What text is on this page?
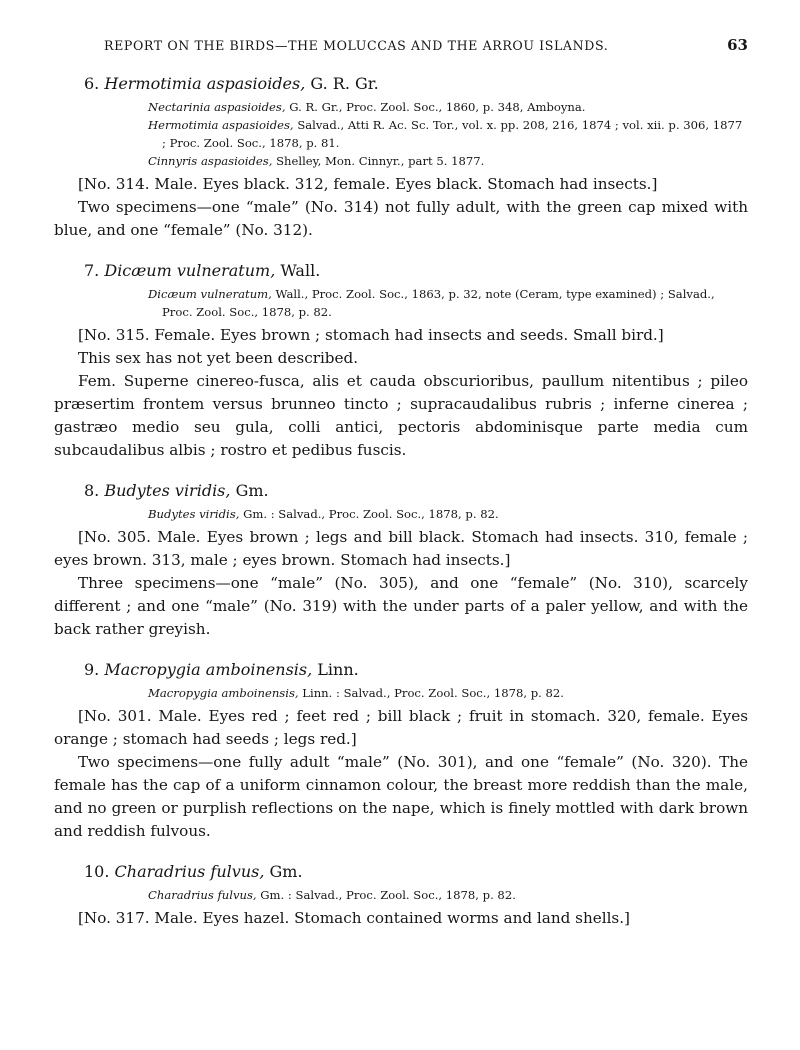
REPORT ON THE BIRDS—THE MOLUCCAS AND THE ARROU ISLANDS.	63
6. Hermotimia aspasioides, G. R. Gr.
Nectarinia aspasioides, G. R. Gr., Proc. Zool. Soc., 1860, p. 348, Amboyna.
Hermotimia aspasioides, Salvad., Atti R. Ac. Sc. Tor., vol. x. pp. 208, 216, 1874 ; vol. xii. p. 306, 1877 ; Proc. Zool. Soc., 1878, p. 81.
Cinnyris aspasioides, Shelley, Mon. Cinnyr., part 5. 1877.

[No. 314. Male. Eyes black. 312, female. Eyes black. Stomach had insects.]

Two specimens—one “male” (No. 314) not fully adult, with the green cap mixed with blue, and one “female” (No. 312).

7. Dicæum vulneratum, Wall.
Dicæum vulneratum, Wall., Proc. Zool. Soc., 1863, p. 32, note (Ceram, type examined) ; Salvad., Proc. Zool. Soc., 1878, p. 82.

[No. 315. Female. Eyes brown ; stomach had insects and seeds. Small bird.]

This sex has not yet been described.

Fem. Superne cinereo-fusca, alis et cauda obscurioribus, paullum nitentibus ; pileo præsertim frontem versus brunneo tincto ; supracaudalibus rubris ; inferne cinerea ; gastræo medio seu gula, colli antici, pectoris abdominisque parte media cum subcaudalibus albis ; rostro et pedibus fuscis.

8. Budytes viridis, Gm.
Budytes viridis, Gm. : Salvad., Proc. Zool. Soc., 1878, p. 82.

[No. 305. Male. Eyes brown ; legs and bill black. Stomach had insects. 310, female ; eyes brown. 313, male ; eyes brown. Stomach had insects.]

Three specimens—one “male” (No. 305), and one “female” (No. 310), scarcely different ; and one “male” (No. 319) with the under parts of a paler yellow, and with the back rather greyish.

9. Macropygia amboinensis, Linn.
Macropygia amboinensis, Linn. : Salvad., Proc. Zool. Soc., 1878, p. 82.

[No. 301. Male. Eyes red ; feet red ; bill black ; fruit in stomach. 320, female. Eyes orange ; stomach had seeds ; legs red.]

Two specimens—one fully adult “male” (No. 301), and one “female” (No. 320). The female has the cap of a uniform cinnamon colour, the breast more reddish than the male, and no green or purplish reflections on the nape, which is finely mottled with dark brown and reddish fulvous.

10. Charadrius fulvus, Gm.
Charadrius fulvus, Gm. : Salvad., Proc. Zool. Soc., 1878, p. 82.

[No. 317. Male. Eyes hazel. Stomach contained worms and land shells.]
